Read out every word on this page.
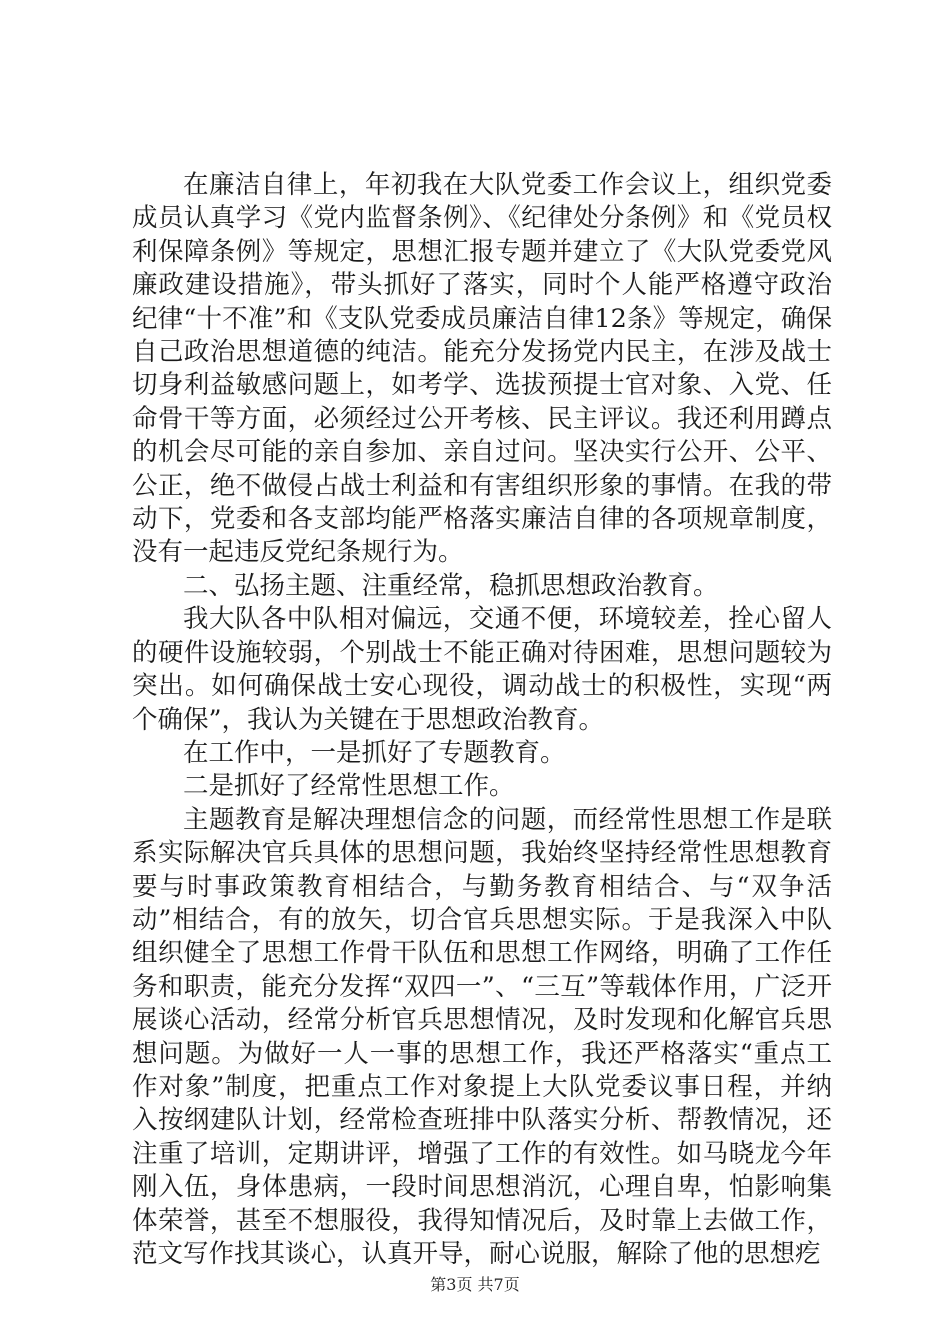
在廉洁自律上，年初我在大队党委工作会议上，组织党委成员认真学习《党内监督条例》、《纪律处分条例》和《党员权利保障条例》等规定，思想汇报专题并建立了《大队党委党风廉政建设措施》，带头抓好了落实，同时个人能严格遵守政治纪律“十不准”和《支队党委成员廉洁自律12条》等规定，确保自己政治思想道德的纯洁。能充分发扬党内民主，在涉及战士切身利益敏感问题上，如考学、选拔预提士官对象、入党、任命骨干等方面，必须经过公开考核、民主评议。我还利用蹲点的机会尽可能的亲自参加、亲自过问。坚决实行公开、公平、公正，绝不做侵占战士利益和有害组织形象的事情。在我的带动下，党委和各支部均能严格落实廉洁自律的各项规章制度，没有一起违反党纪条规行为。

二、弘扬主题、注重经常，稳抓思想政治教育。

我大队各中队相对偏远，交通不便，环境较差，拴心留人的硬件设施较弱，个别战士不能正确对待困难，思想问题较为突出。如何确保战士安心现役，调动战士的积极性，实现“两个确保”，我认为关键在于思想政治教育。

在工作中，一是抓好了专题教育。

二是抓好了经常性思想工作。

主题教育是解决理想信念的问题，而经常性思想工作是联系实际解决官兵具体的思想问题，我始终坚持经常性思想教育要与时事政策教育相结合，与勤务教育相结合、与“双争活动”相结合，有的放矢，切合官兵思想实际。于是我深入中队组织健全了思想工作骨干队伍和思想工作网络，明确了工作任务和职责，能充分发挥“双四一”、“三互”等载体作用，广泛开展谈心活动，经常分析官兵思想情况，及时发现和化解官兵思想问题。为做好一人一事的思想工作，我还严格落实“重点工作对象”制度，把重点工作对象提上大队党委议事日程，并纳入按纲建队计划，经常检查班排中队落实分析、帮教情况，还注重了培训，定期讲评，增强了工作的有效性。如马晓龙今年刚入伍，身体患病，一段时间思想消沉，心理自卑，怕影响集体荣誉，甚至不想服役，我得知情况后，及时靠上去做工作，范文写作找其谈心，认真开导，耐心说服，解除了他的思想疙

第3页 共7页
